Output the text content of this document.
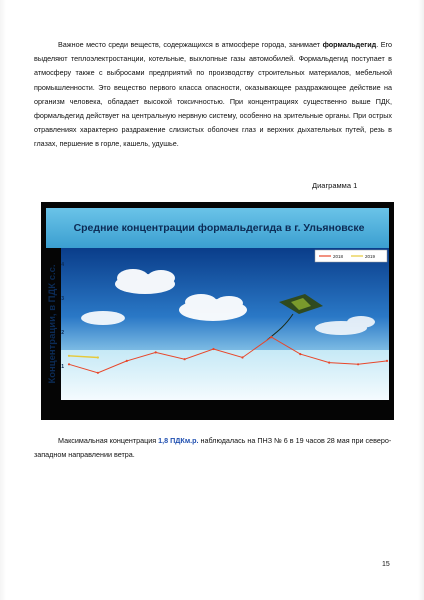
Важное место среди веществ, содержащихся в атмосфере города, занимает формальдегид. Его выделяют теплоэлектростанции, котельные, выхлопные газы автомобилей. Формальдегид поступает в атмосферу также с выбросами предприятий по производству строительных материалов, мебельной промышленности. Это вещество первого класса опасности, оказывающее раздражающее действие на организм человека, обладает высокой токсичностью. При концентрациях существенно выше ПДК, формальдегид действует на центральную нервную систему, особенно на зрительные органы. При острых отравлениях характерно раздражение слизистых оболочек глаз и верхних дыхательных путей, резь в глазах, першение в горле, кашель, удушье.

Диаграмма 1
Средние концентрации формальдегида в г. Ульяновске
Концентрации, в ПДК с.с.
2018	2019
1
2
3
4

Максимальная концентрация 1,8 ПДКм.р. наблюдалась на ПНЗ № 6 в 19 часов 28 мая при северо-западном направлении ветра.

15
